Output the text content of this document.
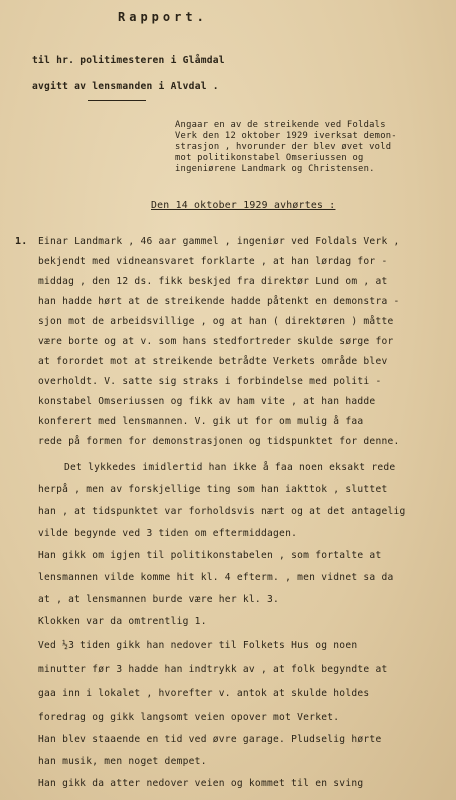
Rapport.
til hr. politimesteren i Glåmdal
avgitt av lensmanden i Alvdal .
Angaar en av de streikende ved Foldals
Verk den 12 oktober 1929 iverksat demon-
strasjon , hvorunder der blev øvet vold
mot politikonstabel Omseriussen og
ingeniørene Landmark og Christensen.
Den 14 oktober 1929 avhørtes :
1. Einar Landmark , 46 aar gammel , ingeniør ved Foldals Verk ,
bekjendt med vidneansvaret forklarte , at han lørdag for -
middag , den 12 ds. fikk beskjed fra direktør Lund om , at
han hadde hørt at de streikende hadde påtenkt en demonstra -
sjon mot de arbeidsvillige , og at han ( direktøren ) måtte
være borte og at v. som hans stedfortreder skulde sørge for
at forordet mot at streikende betrådte Verkets område blev
overholdt. V. satte sig straks i forbindelse med politi -
konstabel Omseriussen og fikk av ham vite , at han hadde
konferert med lensmannen. V. gik ut for om mulig å faa
rede på formen for demonstrasjonen og tidspunktet for denne.
Det lykkedes imidlertid han ikke å faa noen eksakt rede
herpå , men av forskjellige ting som han iakttok , sluttet
han , at tidspunktet var forholdsvis nært og at det antagelig
vilde begynde ved 3 tiden om eftermiddagen.
Han gikk om igjen til politikonstabelen , som fortalte at
lensmannen vilde komme hit kl. 4 efterm. , men vidnet sa da
at , at lensmannen burde være her kl. 3.
Klokken var da omtrentlig 1.
Ved ½3 tiden gikk han nedover til Folkets Hus og noen
minutter før 3 hadde han indtrykk av , at folk begyndte at
gaa inn i lokalet , hvorefter v. antok at skulde holdes
foredrag og gikk langsomt veien opover mot Verket.
Han blev staaende en tid ved øvre garage. Pludselig hørte
han musik, men noget dempet.
Han gikk da atter nedover veien og kommet til en sving
